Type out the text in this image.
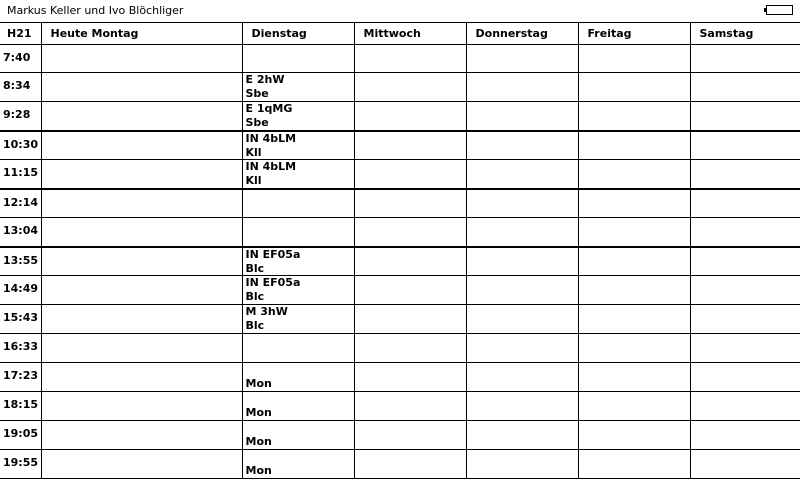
Markus Keller und Ivo Blöchliger
H21	Heute Montag	Dienstag	Mittwoch	Donnerstag	Freitag	Samstag
7:40						
8:34		E 2hW
Sbe				

9:28		E 1qMG
Sbe				

10:30		IN 4bLM
Kll				

11:15		IN 4bLM
Kll				

12:14						
13:04						
13:55		IN EF05a
Blc				

14:49		IN EF05a
Blc				

15:43		M 3hW
Blc				

16:33						
17:23		Mon				

18:15		Mon				

19:05		Mon				

19:55		Mon				
